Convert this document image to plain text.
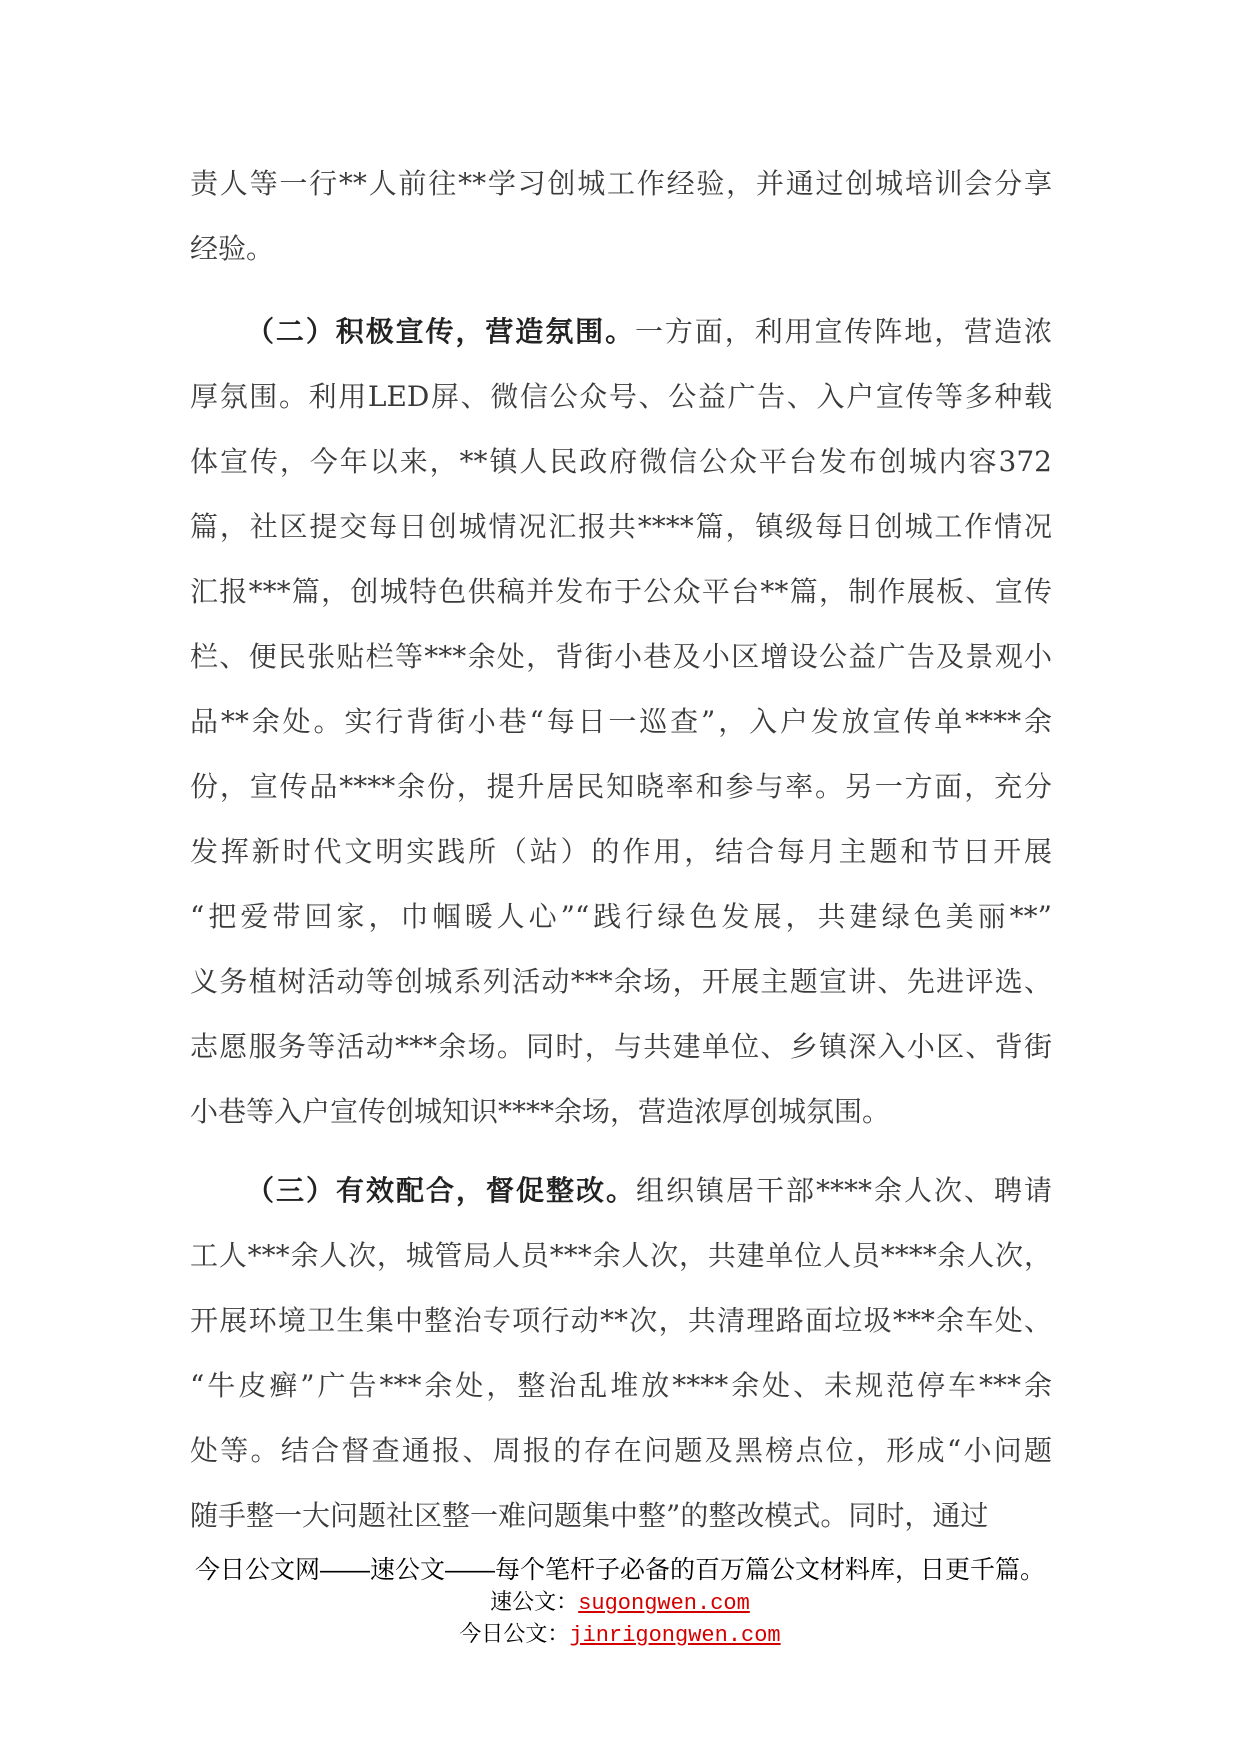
责人等一行**人前往**学习创城工作经验，并通过创城培训会分享
经验。
（二）积极宣传，营造氛围。一方面，利用宣传阵地，营造浓
厚氛围。利用LED屏、微信公众号、公益广告、入户宣传等多种载
体宣传，今年以来，**镇人民政府微信公众平台发布创城内容372
篇，社区提交每日创城情况汇报共****篇，镇级每日创城工作情况
汇报***篇，创城特色供稿并发布于公众平台**篇，制作展板、宣传
栏、便民张贴栏等***余处，背街小巷及小区增设公益广告及景观小
品**余处。实行背街小巷“每日一巡查”，入户发放宣传单****余
份，宣传品****余份，提升居民知晓率和参与率。另一方面，充分
发挥新时代文明实践所（站）的作用，结合每月主题和节日开展
“把爱带回家，巾帼暖人心”“践行绿色发展，共建绿色美丽**”
义务植树活动等创城系列活动***余场，开展主题宣讲、先进评选、
志愿服务等活动***余场。同时，与共建单位、乡镇深入小区、背街
小巷等入户宣传创城知识****余场，营造浓厚创城氛围。
（三）有效配合，督促整改。组织镇居干部****余人次、聘请
工人***余人次，城管局人员***余人次，共建单位人员****余人次，
开展环境卫生集中整治专项行动**次，共清理路面垃圾***余车处、
“牛皮癣”广告***余处，整治乱堆放****余处、未规范停车***余
处等。结合督查通报、周报的存在问题及黑榜点位，形成“小问题
随手整一大问题社区整一难问题集中整”的整改模式。同时，通过
今日公文网——速公文——每个笔杆子必备的百万篇公文材料库，日更千篇。
速公文：sugongwen.com
今日公文：jinrigongwen.com
